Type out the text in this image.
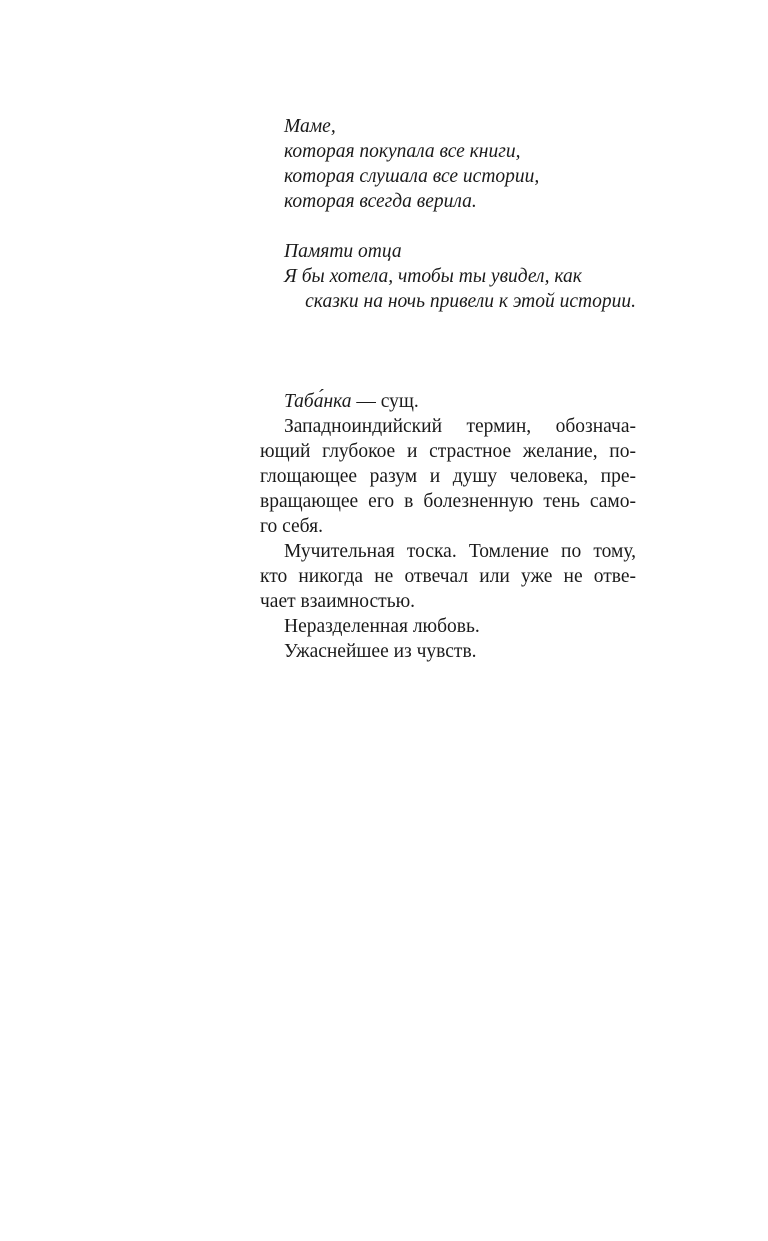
Маме,

которая покупала все книги,

которая слушала все истории,

которая всегда верила.

Памяти отца

Я бы хотела, чтобы ты увидел, как

сказки на ночь привели к этой истории.

Таба́нка — сущ.

Западноиндийский термин, обознача-

ющий глубокое и страстное желание, по-

глощающее разум и душу человека, пре-

вращающее его в болезненную тень само-

го себя.

Мучительная тоска. Томление по тому,

кто никогда не отвечал или уже не отве-

чает взаимностью.

Неразделенная любовь.

Ужаснейшее из чувств.
